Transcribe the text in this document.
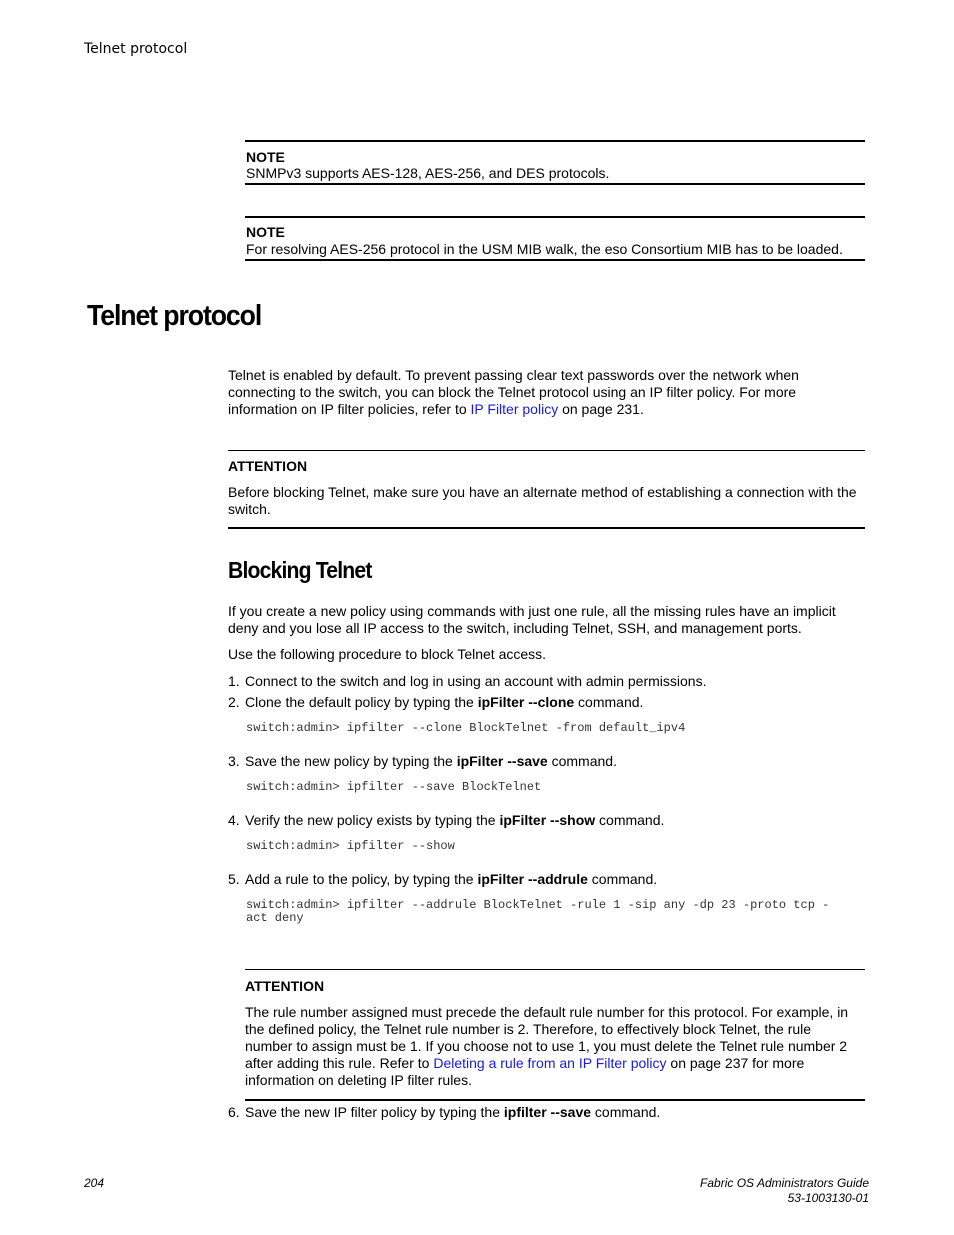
Telnet protocol
NOTE
SNMPv3 supports AES-128, AES-256, and DES protocols.
NOTE
For resolving AES-256 protocol in the USM MIB walk, the eso Consortium MIB has to be loaded.
Telnet protocol
Telnet is enabled by default. To prevent passing clear text passwords over the network when
connecting to the switch, you can block the Telnet protocol using an IP filter policy. For more
information on IP filter policies, refer to IP Filter policy on page 231.
ATTENTION
Before blocking Telnet, make sure you have an alternate method of establishing a connection with the
switch.
Blocking Telnet
If you create a new policy using commands with just one rule, all the missing rules have an implicit
deny and you lose all IP access to the switch, including Telnet, SSH, and management ports.
Use the following procedure to block Telnet access.
1. Connect to the switch and log in using an account with admin permissions.
2. Clone the default policy by typing the ipFilter --clone command.
switch:admin> ipfilter --clone BlockTelnet -from default_ipv4
3. Save the new policy by typing the ipFilter --save command.
switch:admin> ipfilter --save BlockTelnet
4. Verify the new policy exists by typing the ipFilter --show command.
switch:admin> ipfilter --show
5. Add a rule to the policy, by typing the ipFilter --addrule command.
switch:admin> ipfilter --addrule BlockTelnet -rule 1 -sip any -dp 23 -proto tcp -
act deny
ATTENTION
The rule number assigned must precede the default rule number for this protocol. For example, in
the defined policy, the Telnet rule number is 2. Therefore, to effectively block Telnet, the rule
number to assign must be 1. If you choose not to use 1, you must delete the Telnet rule number 2
after adding this rule. Refer to Deleting a rule from an IP Filter policy on page 237 for more
information on deleting IP filter rules.
6. Save the new IP filter policy by typing the ipfilter --save command.
204	Fabric OS Administrators Guide
53-1003130-01
